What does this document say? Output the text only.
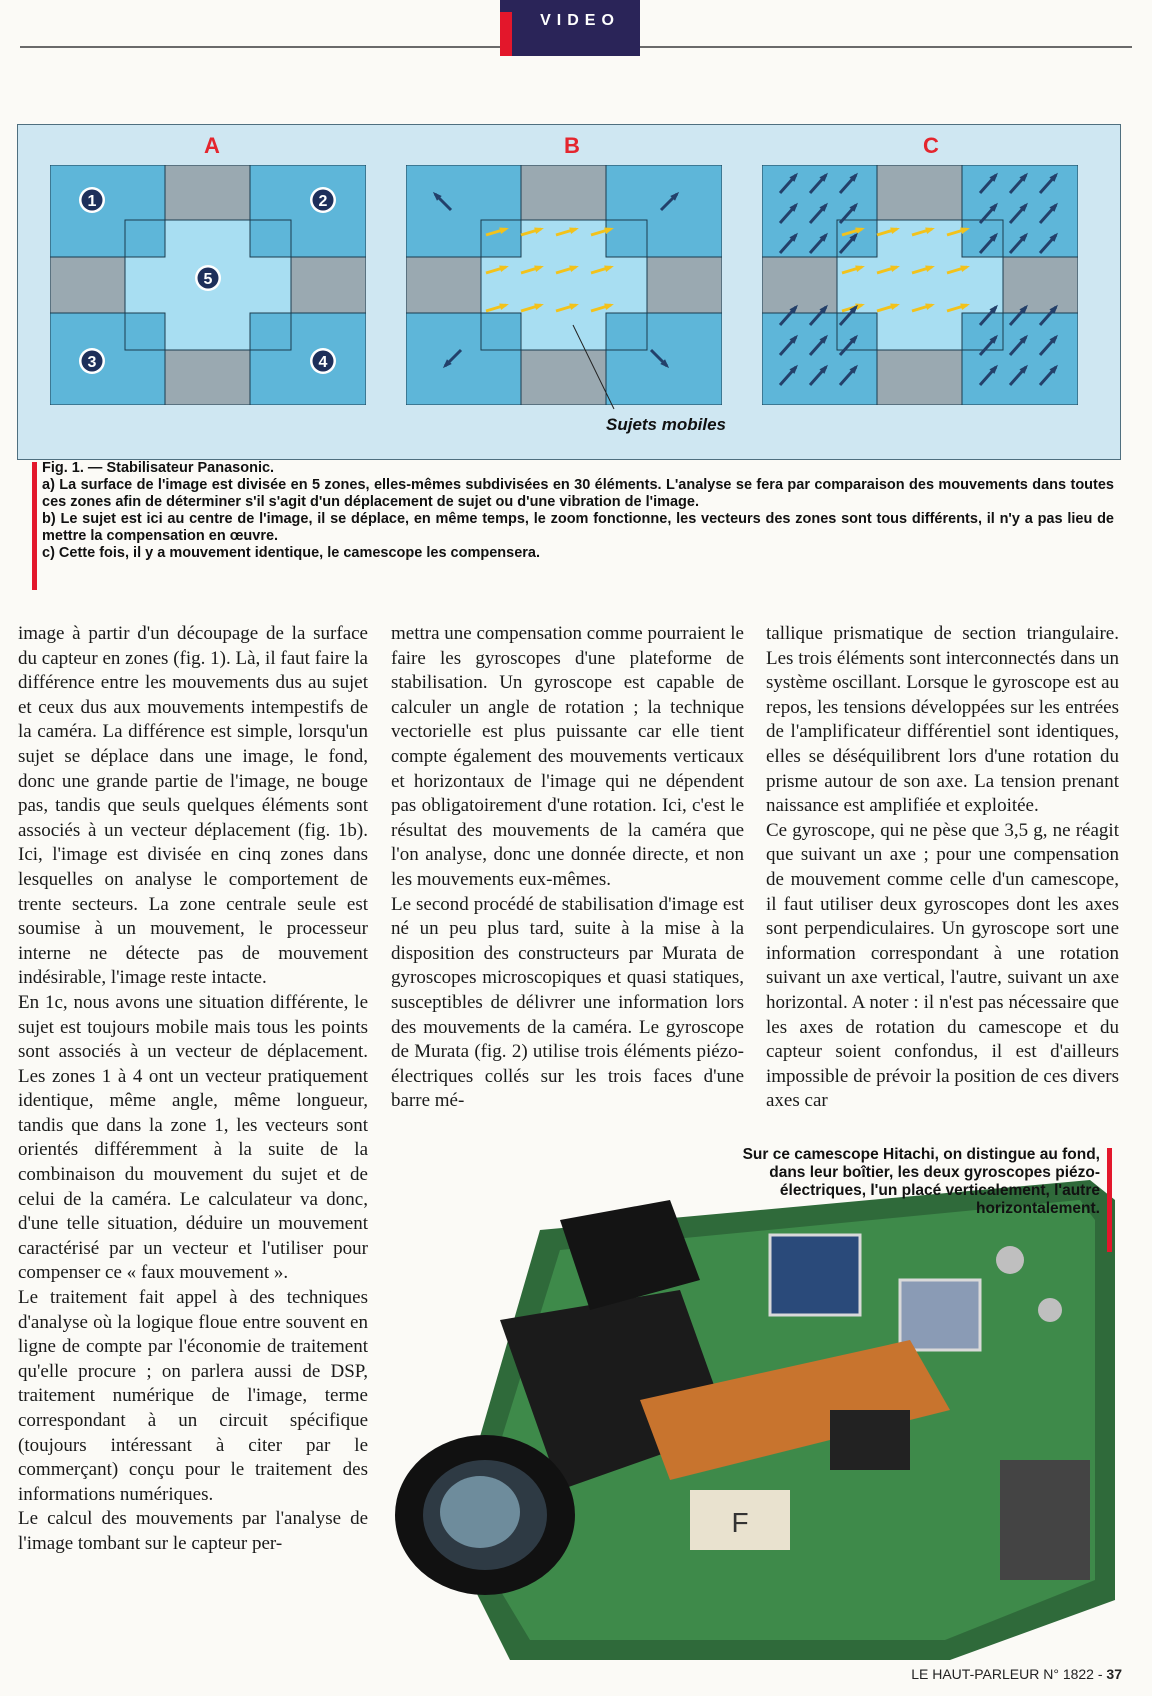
VIDEO
A	B	C
1	2
5
3	4
Sujets mobiles

Fig. 1. — Stabilisateur Panasonic.

a) La surface de l'image est divisée en 5 zones, elles-mêmes subdivisées en 30 éléments. L'analyse se fera par comparaison des mouvements dans toutes ces zones afin de déterminer s'il s'agit d'un déplacement de sujet ou d'une vibration de l'image.

b) Le sujet est ici au centre de l'image, il se déplace, en même temps, le zoom fonctionne, les vecteurs des zones sont tous différents, il n'y a pas lieu de mettre la compensation en œuvre.

c) Cette fois, il y a mouvement identique, le camescope les compensera.

image à partir d'un découpage de la surface du capteur en zones (fig. 1). Là, il faut faire la différence entre les mouvements dus au sujet et ceux dus aux mouvements intempestifs de la caméra. La différence est simple, lorsqu'un sujet se déplace dans une image, le fond, donc une grande partie de l'image, ne bouge pas, tandis que seuls quelques éléments sont associés à un vecteur déplacement (fig. 1b). Ici, l'image est divisée en cinq zones dans lesquelles on analyse le comportement de trente secteurs. La zone centrale seule est soumise à un mouvement, le processeur interne ne détecte pas de mouvement indésirable, l'image reste intacte.

En 1c, nous avons une situation différente, le sujet est toujours mobile mais tous les points sont associés à un vecteur de déplacement. Les zones 1 à 4 ont un vecteur pratiquement identique, même angle, même longueur, tandis que dans la zone 1, les vecteurs sont orientés différemment à la suite de la combinaison du mouvement du sujet et de celui de la caméra. Le calculateur va donc, d'une telle situation, déduire un mouvement caractérisé par un vecteur et l'utiliser pour compenser ce « faux mouvement ».

Le traitement fait appel à des techniques d'analyse où la logique floue entre souvent en ligne de compte par l'économie de traitement qu'elle procure ; on parlera aussi de DSP, traitement numérique de l'image, terme correspondant à un circuit spécifique (toujours intéressant à citer par le commerçant) conçu pour le traitement des informations numériques.

Le calcul des mouvements par l'analyse de l'image tombant sur le capteur per-

mettra une compensation comme pourraient le faire les gyroscopes d'une plateforme de stabilisation. Un gyroscope est capable de calculer un angle de rotation ; la technique vectorielle est plus puissante car elle tient compte également des mouvements verticaux et horizontaux de l'image qui ne dépendent pas obligatoirement d'une rotation. Ici, c'est le résultat des mouvements de la caméra que l'on analyse, donc une donnée directe, et non les mouvements eux-mêmes.

Le second procédé de stabilisation d'image est né un peu plus tard, suite à la mise à la disposition des constructeurs par Murata de gyroscopes microscopiques et quasi statiques, susceptibles de délivrer une information lors des mouvements de la caméra. Le gyroscope de Murata (fig. 2) utilise trois éléments piézo-électriques collés sur les trois faces d'une barre mé-

tallique prismatique de section triangulaire. Les trois éléments sont interconnectés dans un système oscillant. Lorsque le gyroscope est au repos, les tensions développées sur les entrées de l'amplificateur différentiel sont identiques, elles se déséquilibrent lors d'une rotation du prisme autour de son axe. La tension prenant naissance est amplifiée et exploitée.

Ce gyroscope, qui ne pèse que 3,5 g, ne réagit que suivant un axe ; pour une compensation de mouvement comme celle d'un camescope, il faut utiliser deux gyroscopes dont les axes sont perpendiculaires. Un gyroscope sort une information correspondant à une rotation suivant un axe vertical, l'autre, suivant un axe horizontal. A noter : il n'est pas nécessaire que les axes de rotation du camescope et du capteur soient confondus, il est d'ailleurs impossible de prévoir la position de ces divers axes car

F
Sur ce camescope Hitachi, on distingue au fond, dans leur boîtier, les deux gyroscopes piézo-électriques, l'un placé verticalement, l'autre horizontalement.
LE HAUT-PARLEUR N° 1822 - 37
